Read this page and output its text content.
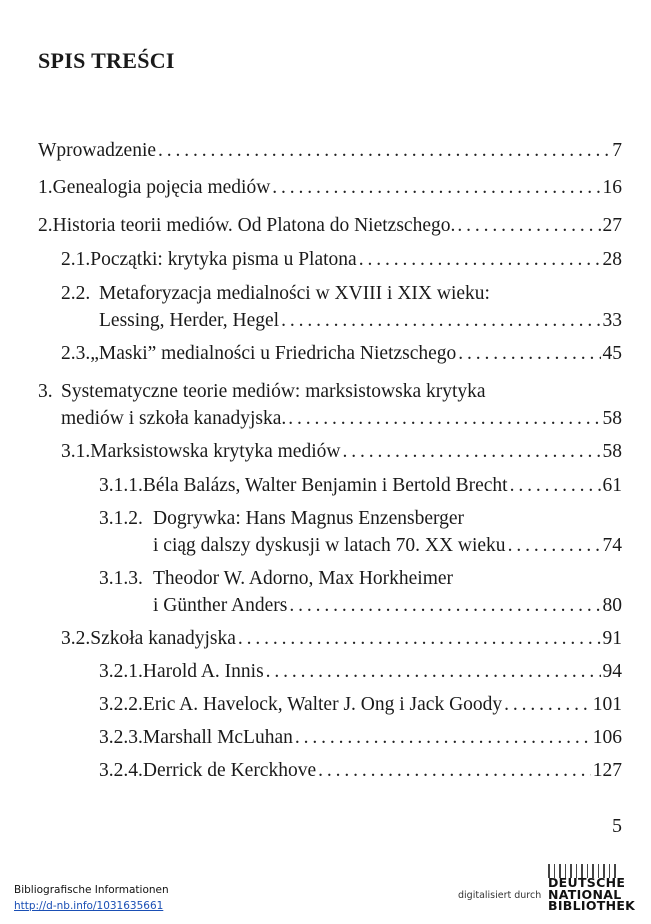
SPIS TREŚCI
Wprowadzenie . . .	7
1. Genealogia pojęcia mediów . . .	16
2. Historia teorii mediów. Od Platona do Nietzschego. . . .	27
2.1. Początki: krytyka pisma u Platona . . .	28
2.2. Metaforyzacja medialności w XVIII i XIX wieku:
Lessing, Herder, Hegel . . .	33
2.3. „Maski” medialności u Friedricha Nietzschego . . .	45
3. Systematyczne teorie mediów: marksistowska krytyka
mediów i szkoła kanadyjska. . . .	58
3.1. Marksistowska krytyka mediów . . .	58
3.1.1. Béla Balázs, Walter Benjamin i Bertold Brecht . . .	61
3.1.2. Dogrywka: Hans Magnus Enzensberger
i ciąg dalszy dyskusji w latach 70. XX wieku . . .	74
3.1.3. Theodor W. Adorno, Max Horkheimer
i Günther Anders . . .	80
3.2. Szkoła kanadyjska . . .	91
3.2.1. Harold A. Innis . . .	94
3.2.2. Eric A. Havelock, Walter J. Ong i Jack Goody . . .	101
3.2.3. Marshall McLuhan . . .	106
3.2.4. Derrick de Kerckhove . . .	127
5
Bibliografische Informationen
http://d-nb.info/1031635661
digitalisiert durch
DEUTSCHE
NATIONAL
BIBLIOTHEK
